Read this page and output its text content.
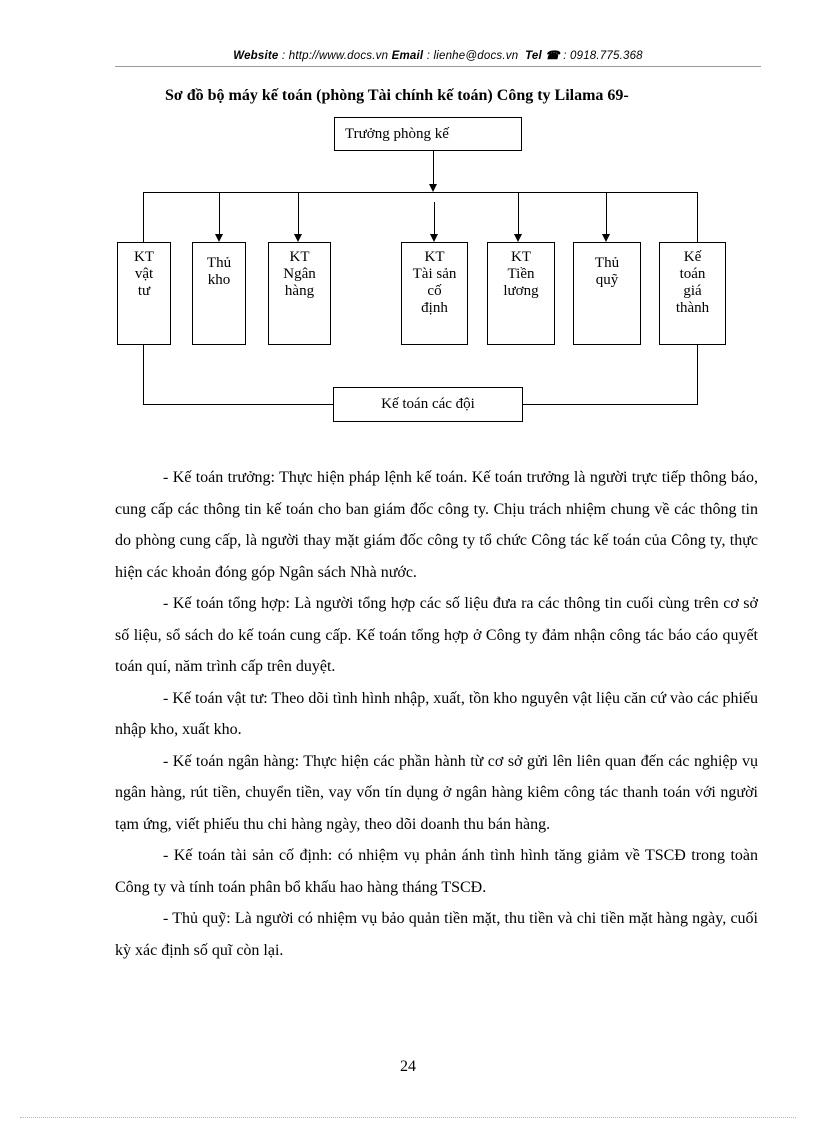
Website : http://www.docs.vn Email : lienhe@docs.vn Tel ☎ : 0918.775.368
Sơ đồ bộ máy kế toán (phòng Tài chính kế toán) Công ty Lilama 69-
Trưởng phòng kế
KT
vật
tư
Thủ
kho
KT
Ngân
hàng
KT
Tài sản
cố
định
KT
Tiền
lương
Thủ
quỹ
Kế
toán
giá
thành
Kế toán các đội

- Kế toán trưởng: Thực hiện pháp lệnh kế toán. Kế toán trưởng là người trực tiếp thông báo, cung cấp các thông tin kế toán cho ban giám đốc công ty. Chịu trách nhiệm chung về các thông tin do phòng cung cấp, là người thay mặt giám đốc công ty tổ chức Công tác kế toán của Công ty, thực hiện các khoản đóng góp Ngân sách Nhà nước.

- Kế toán tổng hợp: Là người tổng hợp các số liệu đưa ra các thông tin cuối cùng trên cơ sở số liệu, sổ sách do kế toán cung cấp. Kế toán tổng hợp ở Công ty đảm nhận công tác báo cáo quyết toán quí, năm trình cấp trên duyệt.

- Kế toán vật tư: Theo dõi tình hình nhập, xuất, tồn kho nguyên vật liệu căn cứ vào các phiếu nhập kho, xuất kho.

- Kế toán ngân hàng: Thực hiện các phần hành từ cơ sở gửi lên liên quan đến các nghiệp vụ ngân hàng, rút tiền, chuyển tiền, vay vốn tín dụng ở ngân hàng kiêm công tác thanh toán với người tạm ứng, viết phiếu thu chi hàng ngày, theo dõi doanh thu bán hàng.

- Kế toán tài sản cố định: có nhiệm vụ phản ánh tình hình tăng giảm về TSCĐ trong toàn Công ty và tính toán phân bổ khấu hao hàng tháng TSCĐ.

- Thủ quỹ: Là người có nhiệm vụ bảo quản tiền mặt, thu tiền và chi tiền mặt hàng ngày, cuối kỳ xác định số quĩ còn lại.

24
